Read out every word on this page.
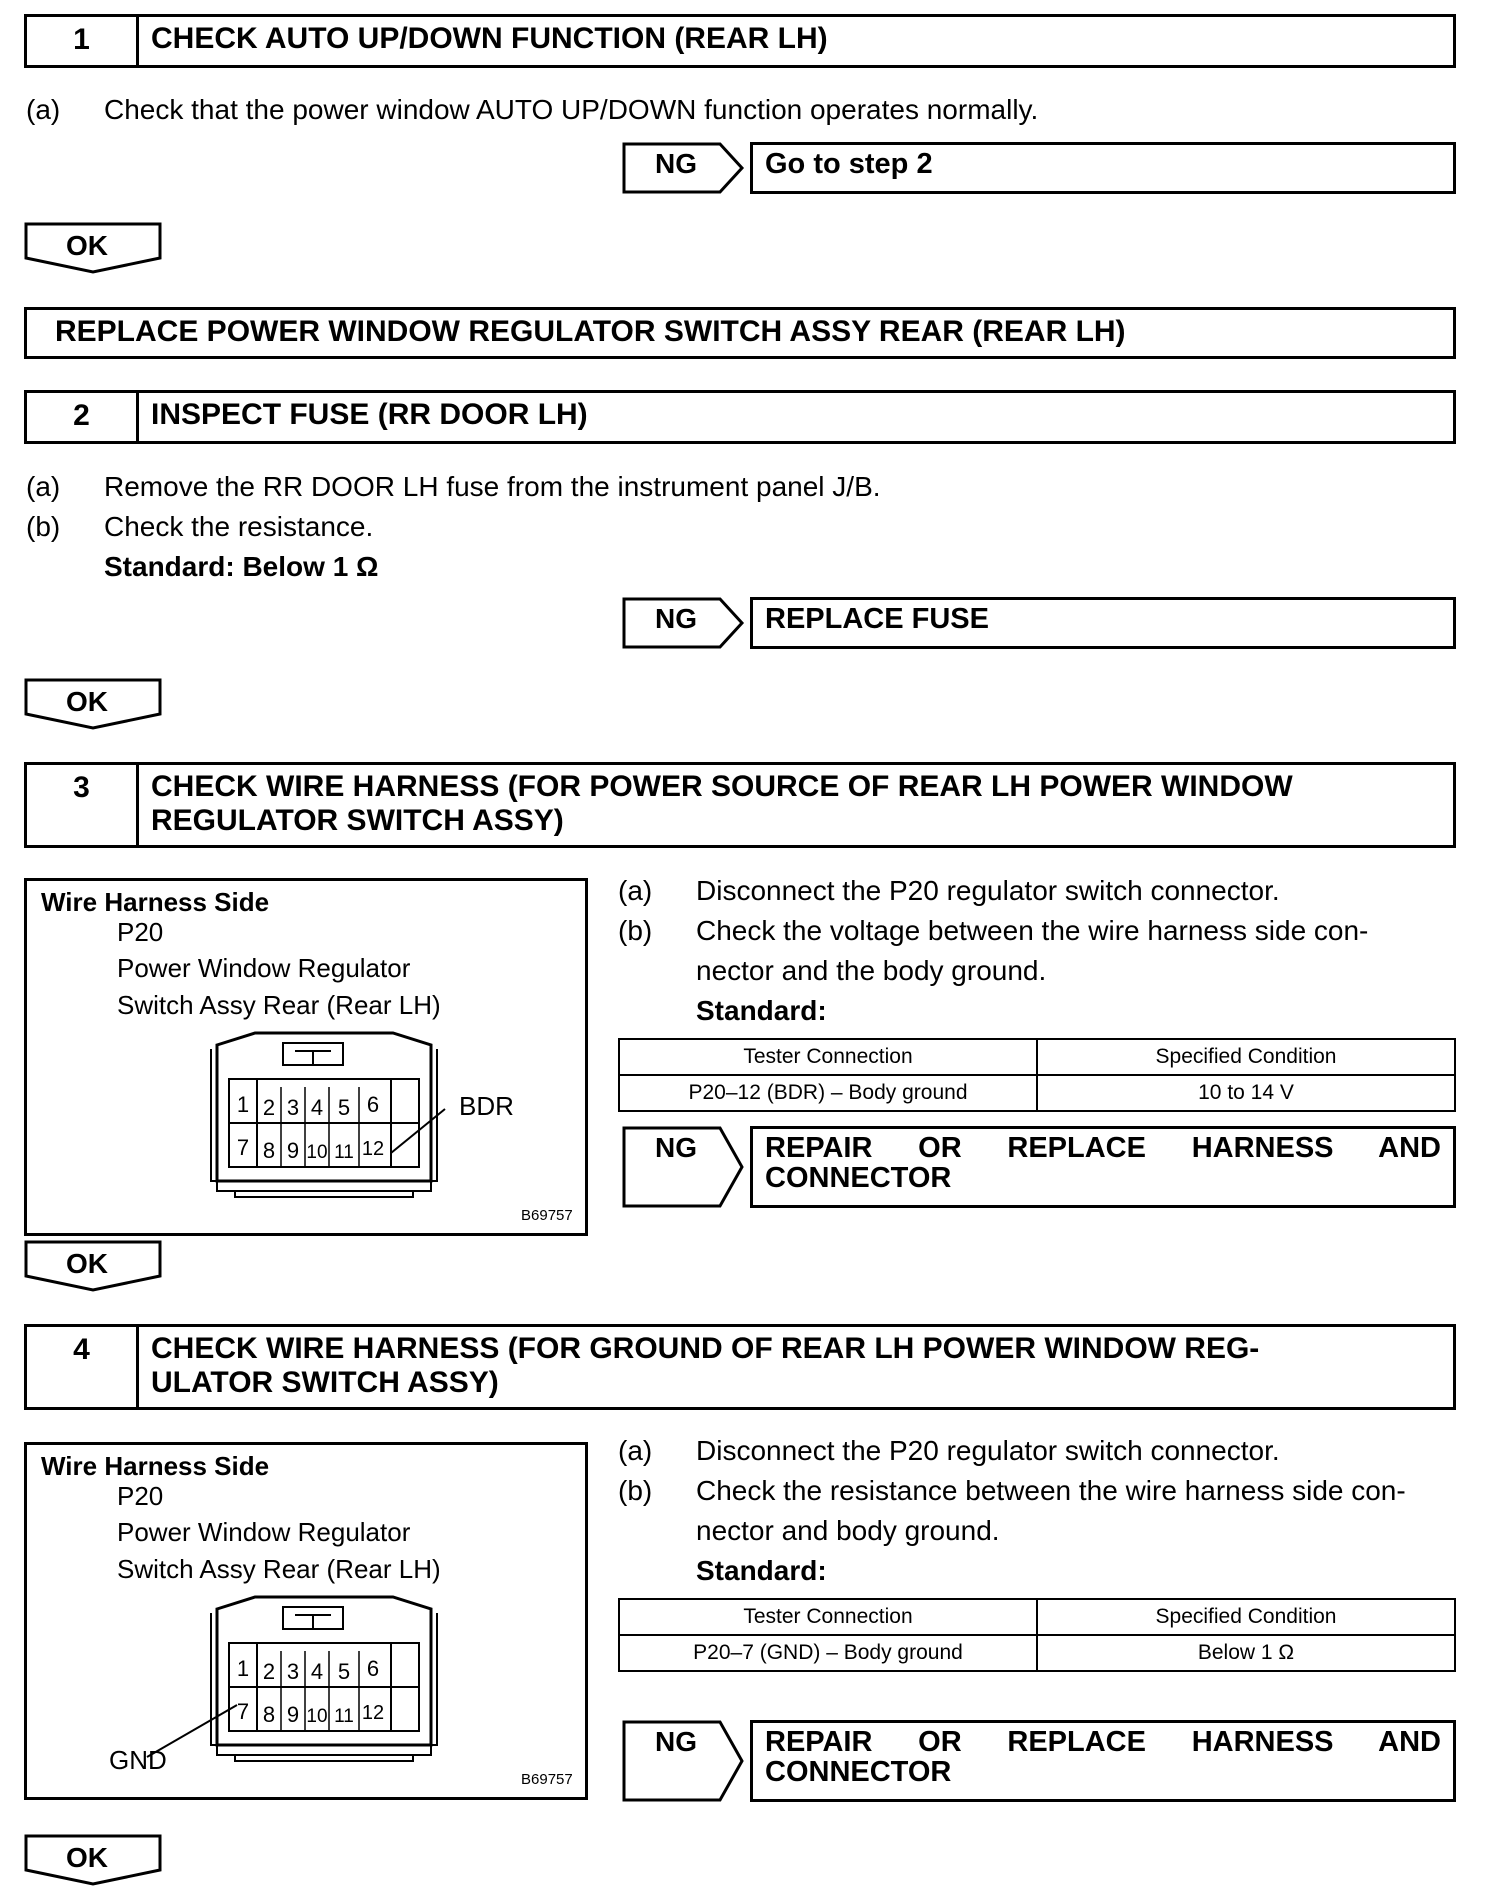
1	CHECK AUTO UP/DOWN FUNCTION (REAR LH)
(a) Check that the power window AUTO UP/DOWN function operates normally.
NG	Go to step 2
OK
REPLACE POWER WINDOW REGULATOR SWITCH ASSY REAR (REAR LH)
2	INSPECT FUSE (RR DOOR LH)
(a) Remove the RR DOOR LH fuse from the instrument panel J/B.
(b) Check the resistance.
Standard: Below 1 Ω
NG	REPLACE FUSE
OK
3	CHECK WIRE HARNESS (FOR POWER SOURCE OF REAR LH POWER WINDOW
REGULATOR SWITCH ASSY)
Wire Harness Side
P20
Power Window Regulator
Switch Assy Rear (Rear LH)
1 2 3 4 5 6
7 8 9 10 11 12
BDR
B69757
(a) Disconnect the P20 regulator switch connector.
(b) Check the voltage between the wire harness side con-
nector and the body ground.
Standard:
Tester Connection	Specified Condition
P20–12 (BDR) – Body ground	10 to 14 V
NG REPAIR OR REPLACE HARNESS AND
CONNECTOR
OK
4	CHECK WIRE HARNESS (FOR GROUND OF REAR LH POWER WINDOW REG-
ULATOR SWITCH ASSY)
Wire Harness Side
P20
Power Window Regulator
Switch Assy Rear (Rear LH)
1 2 3 4 5 6
7 8 9 10 11 12
GND
B69757
(a) Disconnect the P20 regulator switch connector.
(b) Check the resistance between the wire harness side con-
nector and body ground.
Standard:
Tester Connection	Specified Condition
P20–7 (GND) – Body ground	Below 1 Ω
NG REPAIR OR REPLACE HARNESS AND
CONNECTOR
OK
